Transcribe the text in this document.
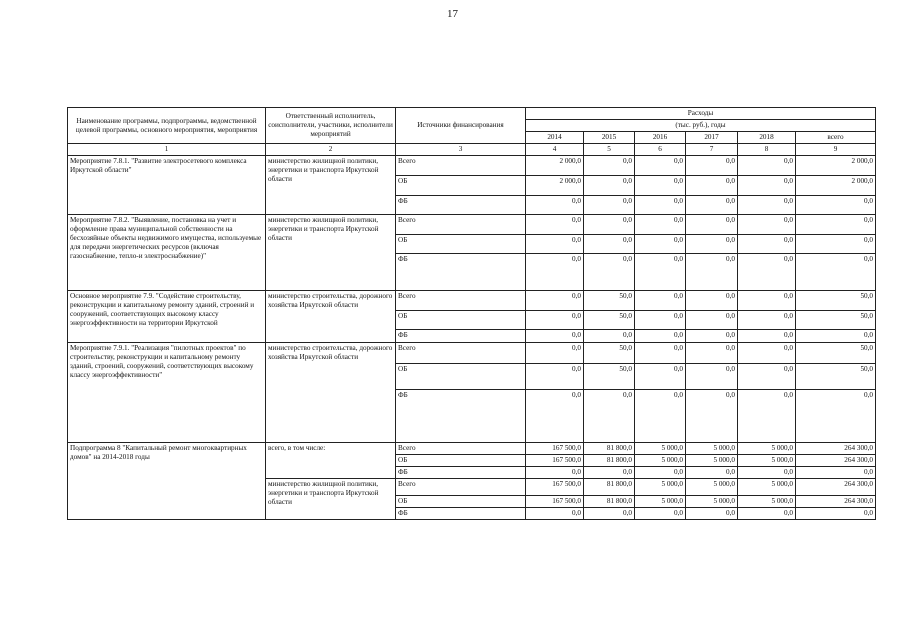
17
Наименование программы, подпрограммы, ведомственной целевой программы, основного мероприятия, мероприятия	Ответственный исполнитель, соисполнители, участники, исполнители мероприятий	Источники финансирования	Расходы					
			(тыс. руб.), годы					
			2014	2015	2016	2017	2018	всего
1	2	3	4	5	6	7	8	9
Мероприятие 7.8.1. "Развитие электросетевого комплекса Иркутской области"	министерство жилищной политики, энергетики и транспорта Иркутской области	Всего	2 000,0	0,0	0,0	0,0	0,0	2 000,0
		ОБ	2 000,0	0,0	0,0	0,0	0,0	2 000,0
		ФБ	0,0	0,0	0,0	0,0	0,0	0,0
Мероприятие 7.8.2. "Выявление, постановка на учет и оформление права муниципальной собственности на бесхозяйные объекты недвижимого имущества, используемые для передачи энергетических ресурсов (включая газоснабжение, тепло-и электроснабжение)"	министерство жилищной политики, энергетики и транспорта Иркутской области	Всего	0,0	0,0	0,0	0,0	0,0	0,0
		ОБ	0,0	0,0	0,0	0,0	0,0	0,0
		ФБ	0,0	0,0	0,0	0,0	0,0	0,0
Основное мероприятие 7.9. "Содействие строительству, реконструкции и капитальному ремонту зданий, строений и сооружений, соответствующих высокому классу энергоэффективности на территории Иркутской	министерство строительства, дорожного хозяйства Иркутской области	Всего	0,0	50,0	0,0	0,0	0,0	50,0
		ОБ	0,0	50,0	0,0	0,0	0,0	50,0
		ФБ	0,0	0,0	0,0	0,0	0,0	0,0
Мероприятие 7.9.1. "Реализация "пилотных проектов" по строительству, реконструкции и капитальному ремонту зданий, строений, сооружений, соответствующих высокому классу энергоэффективности"	министерство строительства, дорожного хозяйства Иркутской области	Всего	0,0	50,0	0,0	0,0	0,0	50,0
		ОБ	0,0	50,0	0,0	0,0	0,0	50,0
		ФБ	0,0	0,0	0,0	0,0	0,0	0,0
Подпрограмма 8 "Капитальный ремонт многоквартирных домов" на 2014-2018 годы	всего, в том числе:	Всего	167 500,0	81 800,0	5 000,0	5 000,0	5 000,0	264 300,0
		ОБ	167 500,0	81 800,0	5 000,0	5 000,0	5 000,0	264 300,0
		ФБ	0,0	0,0	0,0	0,0	0,0	0,0
	министерство жилищной политики, энергетики и транспорта Иркутской области	Всего	167 500,0	81 800,0	5 000,0	5 000,0	5 000,0	264 300,0
		ОБ	167 500,0	81 800,0	5 000,0	5 000,0	5 000,0	264 300,0
		ФБ	0,0	0,0	0,0	0,0	0,0	0,0
